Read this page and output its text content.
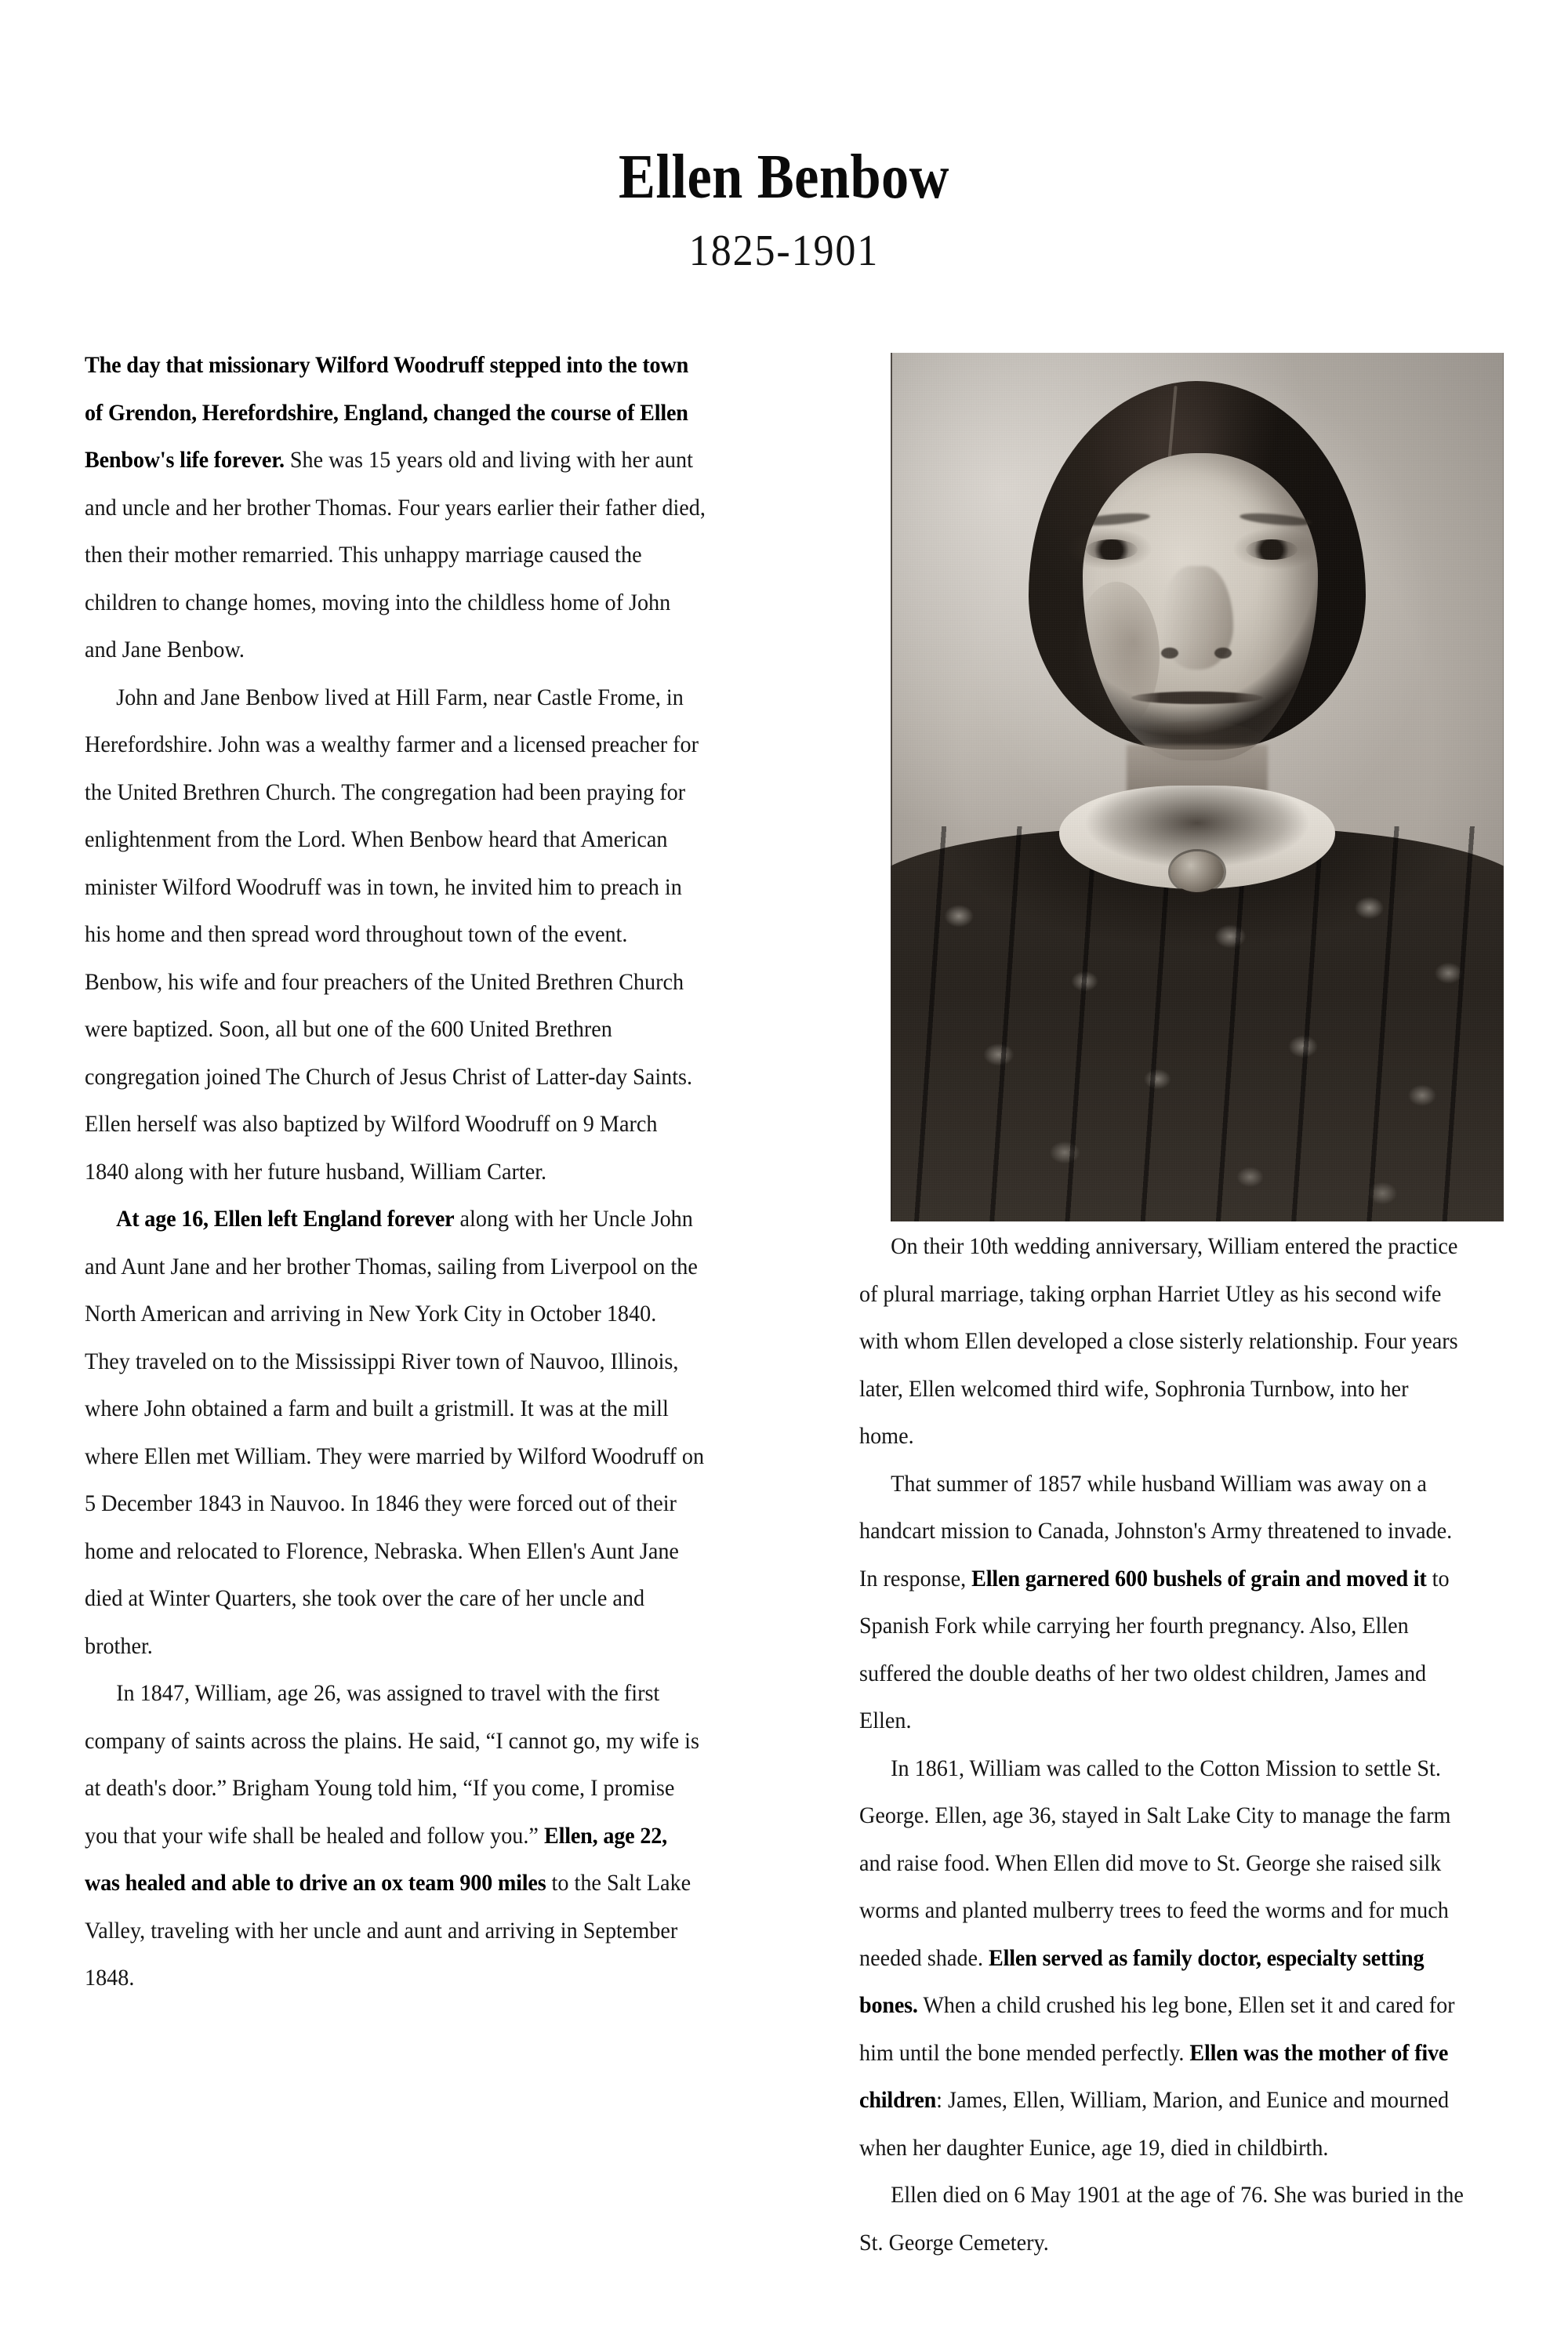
Ellen Benbow
1825-1901

The day that missionary Wilford Woodruff stepped into the town of Grendon, Herefordshire, England, changed the course of Ellen Benbow's life forever. She was 15 years old and living with her aunt and uncle and her brother Thomas. Four years earlier their father died, then their mother remarried. This unhappy marriage caused the children to change homes, moving into the childless home of John and Jane Benbow.

John and Jane Benbow lived at Hill Farm, near Castle Frome, in Herefordshire. John was a wealthy farmer and a licensed preacher for the United Brethren Church. The congregation had been praying for enlightenment from the Lord. When Benbow heard that American minister Wilford Woodruff was in town, he invited him to preach in his home and then spread word throughout town of the event. Benbow, his wife and four preachers of the United Brethren Church were baptized. Soon, all but one of the 600 United Brethren congregation joined The Church of Jesus Christ of Latter-day Saints. Ellen herself was also baptized by Wilford Woodruff on 9 March 1840 along with her future husband, William Carter.

At age 16, Ellen left England forever along with her Uncle John and Aunt Jane and her brother Thomas, sailing from Liverpool on the North American and arriving in New York City in October 1840. They traveled on to the Mississippi River town of Nauvoo, Illinois, where John obtained a farm and built a gristmill. It was at the mill where Ellen met William. They were married by Wilford Woodruff on 5 December 1843 in Nauvoo. In 1846 they were forced out of their home and relocated to Florence, Nebraska. When Ellen's Aunt Jane died at Winter Quarters, she took over the care of her uncle and brother.

In 1847, William, age 26, was assigned to travel with the first company of saints across the plains. He said, “I cannot go, my wife is at death's door.” Brigham Young told him, “If you come, I promise you that your wife shall be healed and follow you.” Ellen, age 22, was healed and able to drive an ox team 900 miles to the Salt Lake Valley, traveling with her uncle and aunt and arriving in September 1848.

On their 10th wedding anniversary, William entered the practice of plural marriage, taking orphan Harriet Utley as his second wife with whom Ellen developed a close sisterly relationship. Four years later, Ellen welcomed third wife, Sophronia Turnbow, into her home.

That summer of 1857 while husband William was away on a handcart mission to Canada, Johnston's Army threatened to invade. In response, Ellen garnered 600 bushels of grain and moved it to Spanish Fork while carrying her fourth pregnancy. Also, Ellen suffered the double deaths of her two oldest children, James and Ellen.

In 1861, William was called to the Cotton Mission to settle St. George. Ellen, age 36, stayed in Salt Lake City to manage the farm and raise food. When Ellen did move to St. George she raised silk worms and planted mulberry trees to feed the worms and for much needed shade. Ellen served as family doctor, especialty setting bones. When a child crushed his leg bone, Ellen set it and cared for him until the bone mended perfectly. Ellen was the mother of five children: James, Ellen, William, Marion, and Eunice and mourned when her daughter Eunice, age 19, died in childbirth.

Ellen died on 6 May 1901 at the age of 76. She was buried in the St. George Cemetery.
